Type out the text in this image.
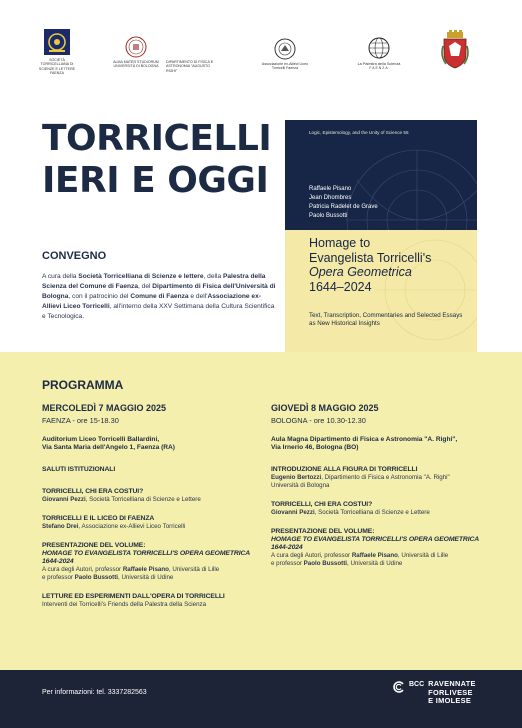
SOCIETÀ TORRICELLIANA DI SCIENZE E LETTERE FAENZA
ALMA MATER STUDIORUM UNIVERSITÀ DI BOLOGNA
DIPARTIMENTO DI FISICA E ASTRONOMIA "AUGUSTO RIGHI"
Associazione ex-Allievi Liceo Torricelli Faenza
La Palestra della Scienza
FAENZA
TORRICELLI
IERI E OGGI
CONVEGNO
A cura della Società Torricelliana di Scienze e lettere, della Palestra della Scienza del Comune di Faenza, del Dipartimento di Fisica dell'Università di Bologna, con il patrocinio del Comune di Faenza e dell'Associazione ex-Allievi Liceo Torricelli, all'interno della XXV Settimana della Cultura Scientifica e Tecnologica.
Logic, Epistemology, and the Unity of Science 55
Raffaele Pisano
Jean Dhombres
Patricia Radelet de Grave
Paolo Bussotti
Homage to
Evangelista Torricelli's
Opera Geometrica
1644–2024
Text, Transcription, Commentaries and Selected Essays as New Historical Insights
PROGRAMMA
MERCOLEDÌ 7 MAGGIO 2025
FAENZA - ore 15-18.30
Auditorium Liceo Torricelli Ballardini,
Via Santa Maria dell'Angelo 1, Faenza (RA)
SALUTI ISTITUZIONALI
TORRICELLI, CHI ERA COSTUI?
Giovanni Pezzi, Società Torricelliana di Scienze e Lettere
TORRICELLI E IL LICEO DI FAENZA
Stefano Drei, Associazione ex-Allievi Liceo Torricelli
PRESENTAZIONE DEL VOLUME:
HOMAGE TO EVANGELISTA TORRICELLI'S OPERA GEOMETRICA 1644-2024
A cura degli Autori, professor Raffaele Pisano, Università di Lille
e professor Paolo Bussotti, Università di Udine
LETTURE ED ESPERIMENTI DALL'OPERA DI TORRICELLI
Interventi dei Torricelli's Friends della Palestra della Scienza
GIOVEDÌ 8 MAGGIO 2025
BOLOGNA - ore 10.30-12.30
Aula Magna Dipartimento di Fisica e Astronomia "A. Righi",
Via Irnerio 46, Bologna (BO)
INTRODUZIONE ALLA FIGURA DI TORRICELLI
Eugenio Bertozzi, Dipartimento di Fisica e Astronomia "A. Righi"
Università di Bologna
TORRICELLI, CHI ERA COSTUI?
Giovanni Pezzi, Società Torricelliana di Scienze e Lettere
PRESENTAZIONE DEL VOLUME:
HOMAGE TO EVANGELISTA TORRICELLI'S OPERA GEOMETRICA 1644-2024
A cura degli Autori, professor Raffaele Pisano, Università di Lille
e professor Paolo Bussotti, Università di Udine
Per informazioni: tel. 3337282563
BCC RAVENNATE
FORLIVESE
E IMOLESE
